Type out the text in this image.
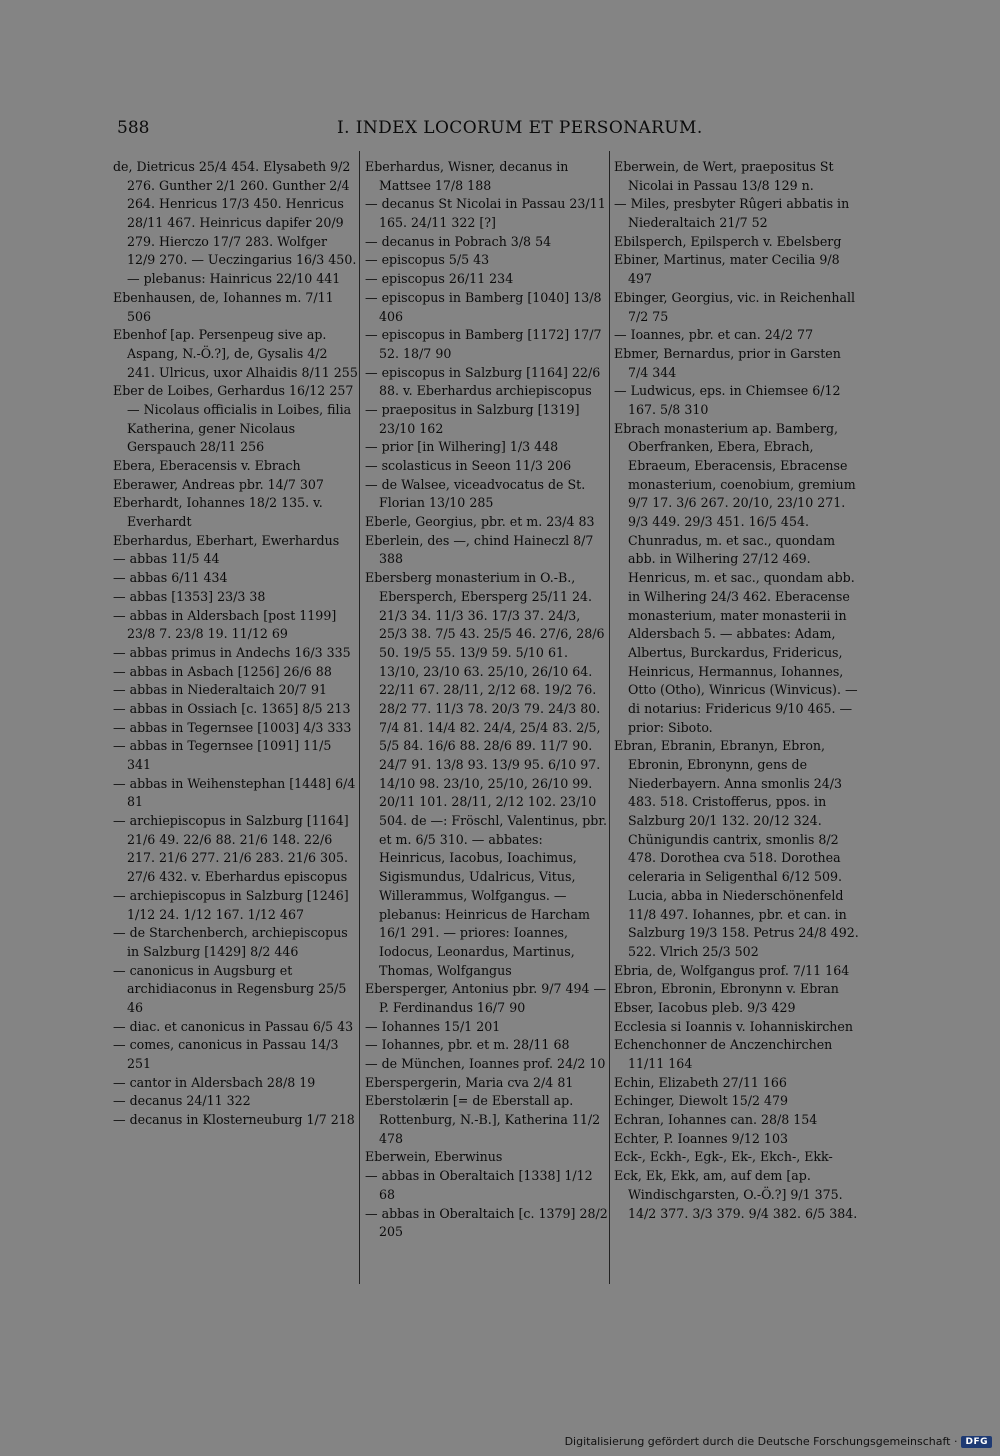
588	I. INDEX LOCORUM ET PERSONARUM.

de, Dietricus 25/4 454. Elysabeth 9/2 276. Gunther 2/1 260. Gunther 2/4 264. Henricus 17/3 450. Henricus 28/11 467. Heinricus dapifer 20/9 279. Hierczo 17/7 283. Wolfger 12/9 270. — Ueczingarius 16/3 450. — plebanus: Hainricus 22/10 441

Ebenhausen, de, Iohannes m. 7/11 506

Ebenhof [ap. Persenpeug sive ap. Aspang, N.-Ö.?], de, Gysalis 4/2 241. Ulricus, uxor Alhaidis 8/11 255

Eber de Loibes, Gerhardus 16/12 257 — Nicolaus officialis in Loibes, filia Katherina, gener Nicolaus Gerspauch 28/11 256

Ebera, Eberacensis v. Ebrach

Eberawer, Andreas pbr. 14/7 307

Eberhardt, Iohannes 18/2 135. v. Everhardt

Eberhardus, Eberhart, Ewerhardus

— abbas 11/5 44

— abbas 6/11 434

— abbas [1353] 23/3 38

— abbas in Aldersbach [post 1199] 23/8 7. 23/8 19. 11/12 69

— abbas primus in Andechs 16/3 335

— abbas in Asbach [1256] 26/6 88

— abbas in Niederaltaich 20/7 91

— abbas in Ossiach [c. 1365] 8/5 213

— abbas in Tegernsee [1003] 4/3 333

— abbas in Tegernsee [1091] 11/5 341

— abbas in Weihenstephan [1448] 6/4 81

— archiepiscopus in Salzburg [1164] 21/6 49. 22/6 88. 21/6 148. 22/6 217. 21/6 277. 21/6 283. 21/6 305. 27/6 432. v. Eberhardus episcopus

— archiepiscopus in Salzburg [1246] 1/12 24. 1/12 167. 1/12 467

— de Starchenberch, archiepiscopus in Salzburg [1429] 8/2 446

— canonicus in Augsburg et archidiaconus in Regensburg 25/5 46

— diac. et canonicus in Passau 6/5 43

— comes, canonicus in Passau 14/3 251

— cantor in Aldersbach 28/8 19

— decanus 24/11 322

— decanus in Klosterneuburg 1/7 218

Eberhardus, Wisner, decanus in Mattsee 17/8 188

— decanus St Nicolai in Passau 23/11 165. 24/11 322 [?]

— decanus in Pobrach 3/8 54

— episcopus 5/5 43

— episcopus 26/11 234

— episcopus in Bamberg [1040] 13/8 406

— episcopus in Bamberg [1172] 17/7 52. 18/7 90

— episcopus in Salzburg [1164] 22/6 88. v. Eberhardus archiepiscopus

— praepositus in Salzburg [1319] 23/10 162

— prior [in Wilhering] 1/3 448

— scolasticus in Seeon 11/3 206

— de Walsee, viceadvocatus de St. Florian 13/10 285

Eberle, Georgius, pbr. et m. 23/4 83

Eberlein, des —, chind Haineczl 8/7 388

Ebersberg monasterium in O.-B., Ebersperch, Ebersperg 25/11 24. 21/3 34. 11/3 36. 17/3 37. 24/3, 25/3 38. 7/5 43. 25/5 46. 27/6, 28/6 50. 19/5 55. 13/9 59. 5/10 61. 13/10, 23/10 63. 25/10, 26/10 64. 22/11 67. 28/11, 2/12 68. 19/2 76. 28/2 77. 11/3 78. 20/3 79. 24/3 80. 7/4 81. 14/4 82. 24/4, 25/4 83. 2/5, 5/5 84. 16/6 88. 28/6 89. 11/7 90. 24/7 91. 13/8 93. 13/9 95. 6/10 97. 14/10 98. 23/10, 25/10, 26/10 99. 20/11 101. 28/11, 2/12 102. 23/10 504. de —: Fröschl, Valentinus, pbr. et m. 6/5 310. — abbates: Heinricus, Iacobus, Ioachimus, Sigismundus, Udalricus, Vitus, Willerammus, Wolfgangus. — plebanus: Heinricus de Harcham 16/1 291. — priores: Ioannes, Iodocus, Leonardus, Martinus, Thomas, Wolfgangus

Ebersperger, Antonius pbr. 9/7 494 — P. Ferdinandus 16/7 90

— Iohannes 15/1 201

— Iohannes, pbr. et m. 28/11 68

— de München, Ioannes prof. 24/2 10

Eberspergerin, Maria cva 2/4 81

Eberstolærin [= de Eberstall ap. Rottenburg, N.-B.], Katherina 11/2 478

Eberwein, Eberwinus

— abbas in Oberaltaich [1338] 1/12 68

— abbas in Oberaltaich [c. 1379] 28/2 205

Eberwein, de Wert, praepositus St Nicolai in Passau 13/8 129 n.

— Miles, presbyter Rûgeri abbatis in Niederaltaich 21/7 52

Ebilsperch, Epilsperch v. Ebelsberg

Ebiner, Martinus, mater Cecilia 9/8 497

Ebinger, Georgius, vic. in Reichenhall 7/2 75

— Ioannes, pbr. et can. 24/2 77

Ebmer, Bernardus, prior in Garsten 7/4 344

— Ludwicus, eps. in Chiemsee 6/12 167. 5/8 310

Ebrach monasterium ap. Bamberg, Oberfranken, Ebera, Ebrach, Ebraeum, Eberacensis, Ebracense monasterium, coenobium, gremium 9/7 17. 3/6 267. 20/10, 23/10 271. 9/3 449. 29/3 451. 16/5 454. Chunradus, m. et sac., quondam abb. in Wilhering 27/12 469. Henricus, m. et sac., quondam abb. in Wilhering 24/3 462. Eberacense monasterium, mater monasterii in Aldersbach 5. — abbates: Adam, Albertus, Burckardus, Fridericus, Heinricus, Hermannus, Iohannes, Otto (Otho), Winricus (Winvicus). — di notarius: Fridericus 9/10 465. — prior: Siboto.

Ebran, Ebranin, Ebranyn, Ebron, Ebronin, Ebronynn, gens de Niederbayern. Anna smonlis 24/3 483. 518. Cristofferus, ppos. in Salzburg 20/1 132. 20/12 324. Chünigundis cantrix, smonlis 8/2 478. Dorothea cva 518. Dorothea celeraria in Seligenthal 6/12 509. Lucia, abba in Niederschönenfeld 11/8 497. Iohannes, pbr. et can. in Salzburg 19/3 158. Petrus 24/8 492. 522. Vlrich 25/3 502

Ebria, de, Wolfgangus prof. 7/11 164

Ebron, Ebronin, Ebronynn v. Ebran

Ebser, Iacobus pleb. 9/3 429

Ecclesia si Ioannis v. Iohanniskirchen

Echenchonner de Anczenchirchen 11/11 164

Echin, Elizabeth 27/11 166

Echinger, Diewolt 15/2 479

Echran, Iohannes can. 28/8 154

Echter, P. Ioannes 9/12 103

Eck-, Eckh-, Egk-, Ek-, Ekch-, Ekk-

Eck, Ek, Ekk, am, auf dem [ap. Windischgarsten, O.-Ö.?] 9/1 375. 14/2 377. 3/3 379. 9/4 382. 6/5 384.

Digitalisierung gefördert durch die Deutsche Forschungsgemeinschaft · DFG
